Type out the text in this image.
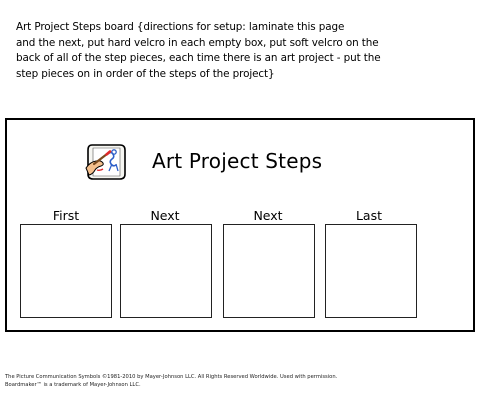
Art Project Steps board {directions for setup: laminate this page
and the next, put hard velcro in each empty box, put soft velcro on the
back of all of the step pieces, each time there is an art project - put the
step pieces on in order of the steps of the project}
Art Project Steps
First	Next	Next	Last
The Picture Communication Symbols ©1981-2010 by Mayer-Johnson LLC. All Rights Reserved Worldwide. Used with permission.
Boardmaker™ is a trademark of Mayer-Johnson LLC.
